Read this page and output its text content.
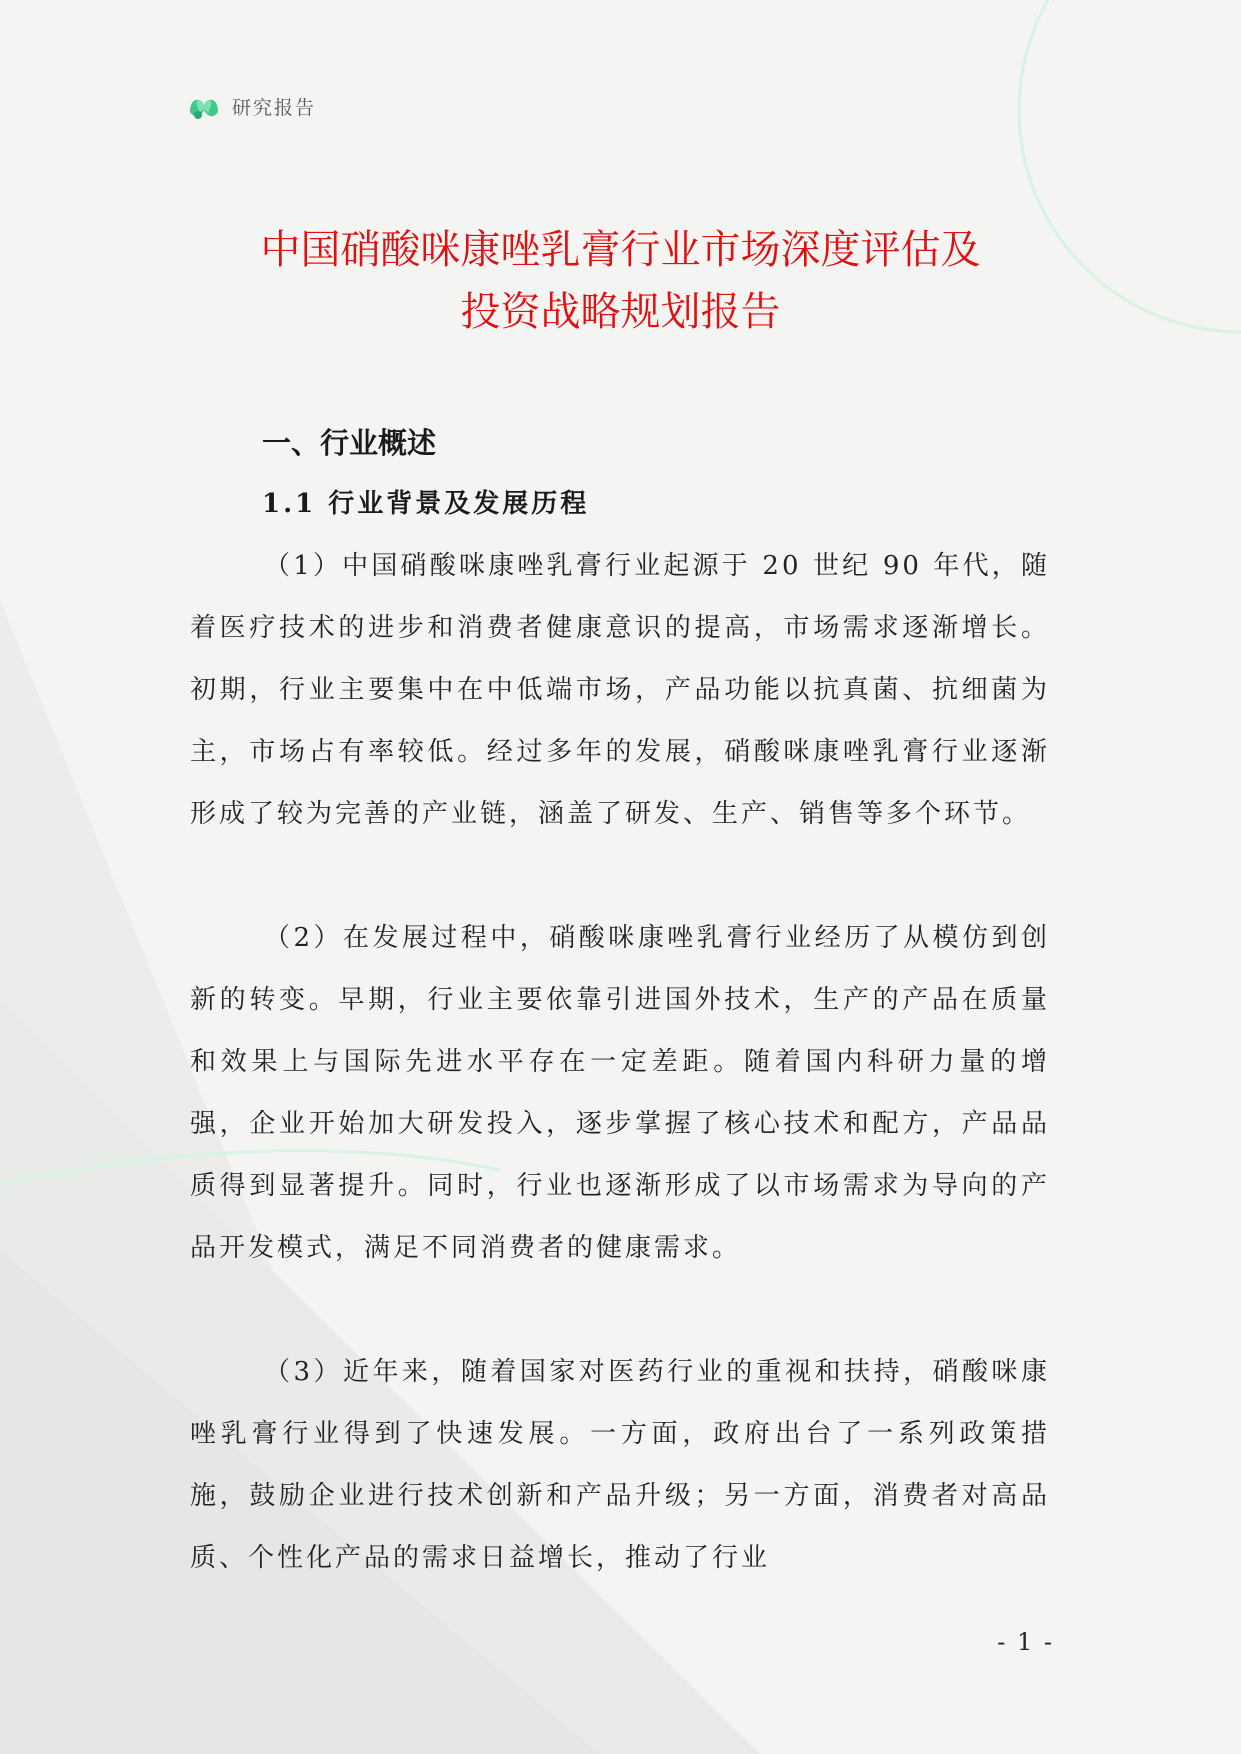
研究报告
中国硝酸咪康唑乳膏行业市场深度评估及
投资战略规划报告
一、行业概述
1.1 行业背景及发展历程

（1）中国硝酸咪康唑乳膏行业起源于 20 世纪 90 年代，随着医疗技术的进步和消费者健康意识的提高，市场需求逐渐增长。初期，行业主要集中在中低端市场，产品功能以抗真菌、抗细菌为主，市场占有率较低。经过多年的发展，硝酸咪康唑乳膏行业逐渐形成了较为完善的产业链，涵盖了研发、生产、销售等多个环节。

（2）在发展过程中，硝酸咪康唑乳膏行业经历了从模仿到创新的转变。早期，行业主要依靠引进国外技术，生产的产品在质量和效果上与国际先进水平存在一定差距。随着国内科研力量的增强，企业开始加大研发投入，逐步掌握了核心技术和配方，产品品质得到显著提升。同时，行业也逐渐形成了以市场需求为导向的产品开发模式，满足不同消费者的健康需求。

（3）近年来，随着国家对医药行业的重视和扶持，硝酸咪康唑乳膏行业得到了快速发展。一方面，政府出台了一系列政策措施，鼓励企业进行技术创新和产品升级；另一方面，消费者对高品质、个性化产品的需求日益增长，推动了行业

- 1 -
